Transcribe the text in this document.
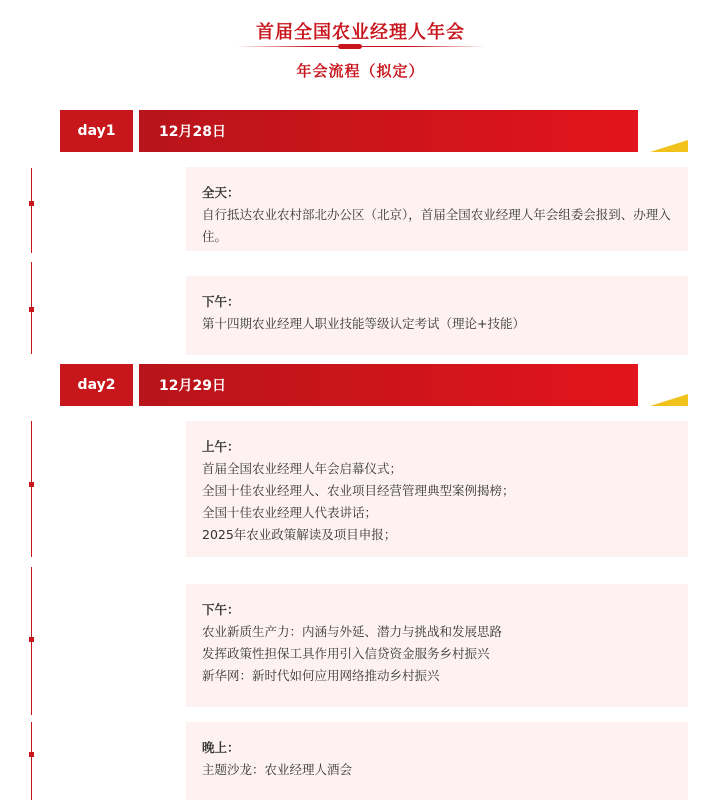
首届全国农业经理人年会
年会流程（拟定）
day1	12月28日
全天：
自行抵达农业农村部北办公区（北京），首届全国农业经理人年会组委会报到、办理入住。
下午：
第十四期农业经理人职业技能等级认定考试（理论+技能）
day2	12月29日
上午：
首届全国农业经理人年会启幕仪式；
全国十佳农业经理人、农业项目经营管理典型案例揭榜；
全国十佳农业经理人代表讲话；
2025年农业政策解读及项目申报；
下午：
农业新质生产力：内涵与外延、潜力与挑战和发展思路
发挥政策性担保工具作用引入信贷资金服务乡村振兴
新华网：新时代如何应用网络推动乡村振兴
晚上：
主题沙龙：农业经理人酒会
